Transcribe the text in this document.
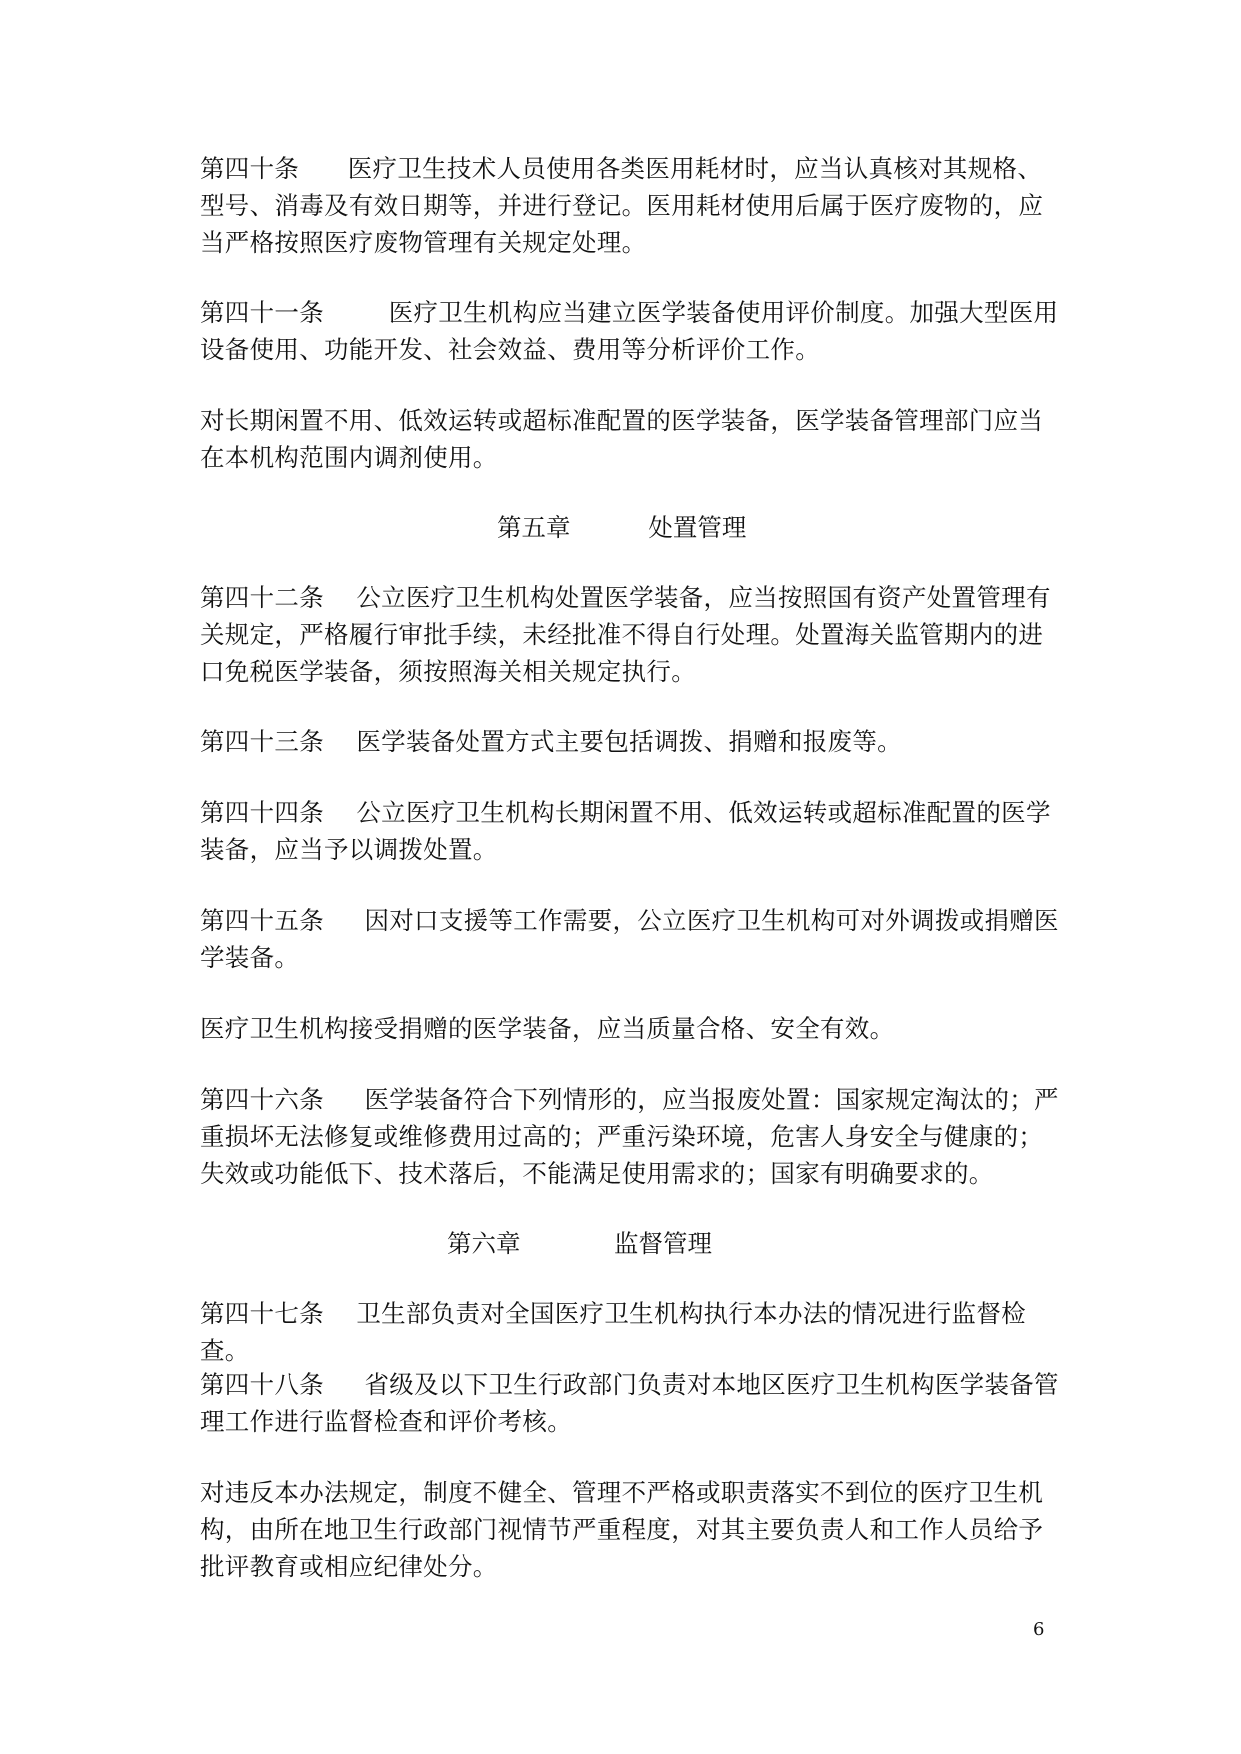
第四十条 医疗卫生技术人员使用各类医用耗材时，应当认真核对其规格、型号、消毒及有效日期等，并进行登记。医用耗材使用后属于医疗废物的，应当严格按照医疗废物管理有关规定处理。

第四十一条	医疗卫生机构应当建立医学装备使用评价制度。加强大型医用设备使用、功能开发、社会效益、费用等分析评价工作。

对长期闲置不用、低效运转或超标准配置的医学装备，医学装备管理部门应当在本机构范围内调剂使用。

第五章	处置管理

第四十二条 公立医疗卫生机构处置医学装备，应当按照国有资产处置管理有关规定，严格履行审批手续，未经批准不得自行处理。处置海关监管期内的进口免税医学装备，须按照海关相关规定执行。

第四十三条 医学装备处置方式主要包括调拨、捐赠和报废等。

第四十四条 公立医疗卫生机构长期闲置不用、低效运转或超标准配置的医学装备，应当予以调拨处置。

第四十五条 因对口支援等工作需要，公立医疗卫生机构可对外调拨或捐赠医学装备。

医疗卫生机构接受捐赠的医学装备，应当质量合格、安全有效。

第四十六条 医学装备符合下列情形的，应当报废处置：国家规定淘汰的；严重损坏无法修复或维修费用过高的；严重污染环境，危害人身安全与健康的；失效或功能低下、技术落后，不能满足使用需求的；国家有明确要求的。

第六章	监督管理

第四十七条 卫生部负责对全国医疗卫生机构执行本办法的情况进行监督检查。

第四十八条 省级及以下卫生行政部门负责对本地区医疗卫生机构医学装备管理工作进行监督检查和评价考核。

对违反本办法规定，制度不健全、管理不严格或职责落实不到位的医疗卫生机构，由所在地卫生行政部门视情节严重程度，对其主要负责人和工作人员给予批评教育或相应纪律处分。

6
